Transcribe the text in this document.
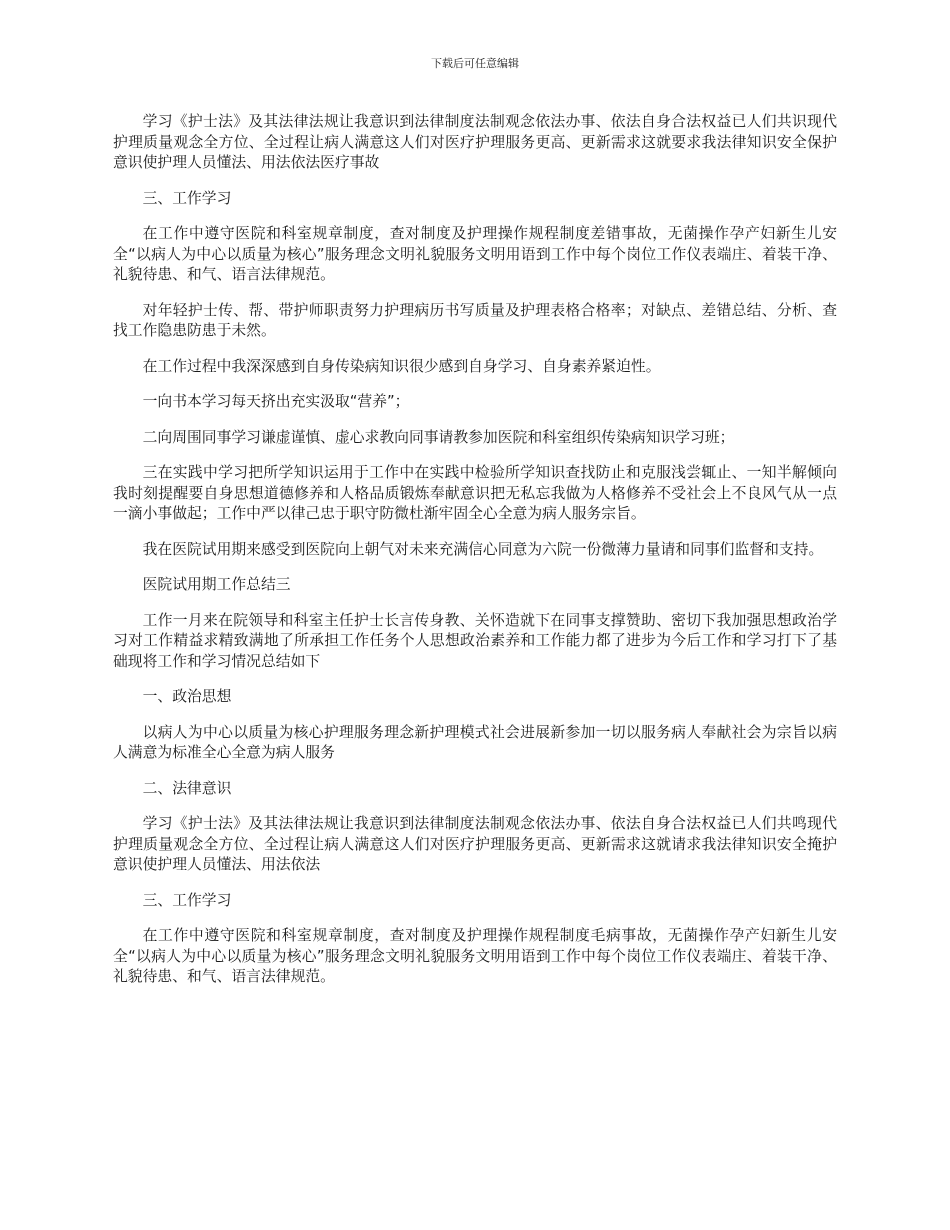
下载后可任意编辑

学习《护士法》及其法律法规让我意识到法律制度法制观念依法办事、依法自身合法权益已人们共识现代护理质量观念全方位、全过程让病人满意这人们对医疗护理服务更高、更新需求这就要求我法律知识安全保护意识使护理人员懂法、用法依法医疗事故

三、工作学习

在工作中遵守医院和科室规章制度，查对制度及护理操作规程制度差错事故，无菌操作孕产妇新生儿安全“以病人为中心以质量为核心”服务理念文明礼貌服务文明用语到工作中每个岗位工作仪表端庄、着装干净、礼貌待患、和气、语言法律规范。

对年轻护士传、帮、带护师职责努力护理病历书写质量及护理表格合格率；对缺点、差错总结、分析、查找工作隐患防患于未然。

在工作过程中我深深感到自身传染病知识很少感到自身学习、自身素养紧迫性。

一向书本学习每天挤出充实汲取“营养”；

二向周围同事学习谦虚谨慎、虚心求教向同事请教参加医院和科室组织传染病知识学习班；

三在实践中学习把所学知识运用于工作中在实践中检验所学知识查找防止和克服浅尝辄止、一知半解倾向我时刻提醒要自身思想道德修养和人格品质锻炼奉献意识把无私忘我做为人格修养不受社会上不良风气从一点一滴小事做起；工作中严以律己忠于职守防微杜渐牢固全心全意为病人服务宗旨。

我在医院试用期来感受到医院向上朝气对未来充满信心同意为六院一份微薄力量请和同事们监督和支持。

医院试用期工作总结三

工作一月来在院领导和科室主任护士长言传身教、关怀造就下在同事支撑赞助、密切下我加强思想政治学习对工作精益求精致满地了所承担工作任务个人思想政治素养和工作能力都了进步为今后工作和学习打下了基础现将工作和学习情况总结如下

一、政治思想

以病人为中心以质量为核心护理服务理念新护理模式社会进展新参加一切以服务病人奉献社会为宗旨以病人满意为标准全心全意为病人服务

二、法律意识

学习《护士法》及其法律法规让我意识到法律制度法制观念依法办事、依法自身合法权益已人们共鸣现代护理质量观念全方位、全过程让病人满意这人们对医疗护理服务更高、更新需求这就请求我法律知识安全掩护意识使护理人员懂法、用法依法

三、工作学习

在工作中遵守医院和科室规章制度，查对制度及护理操作规程制度毛病事故，无菌操作孕产妇新生儿安全“以病人为中心以质量为核心”服务理念文明礼貌服务文明用语到工作中每个岗位工作仪表端庄、着装干净、礼貌待患、和气、语言法律规范。
